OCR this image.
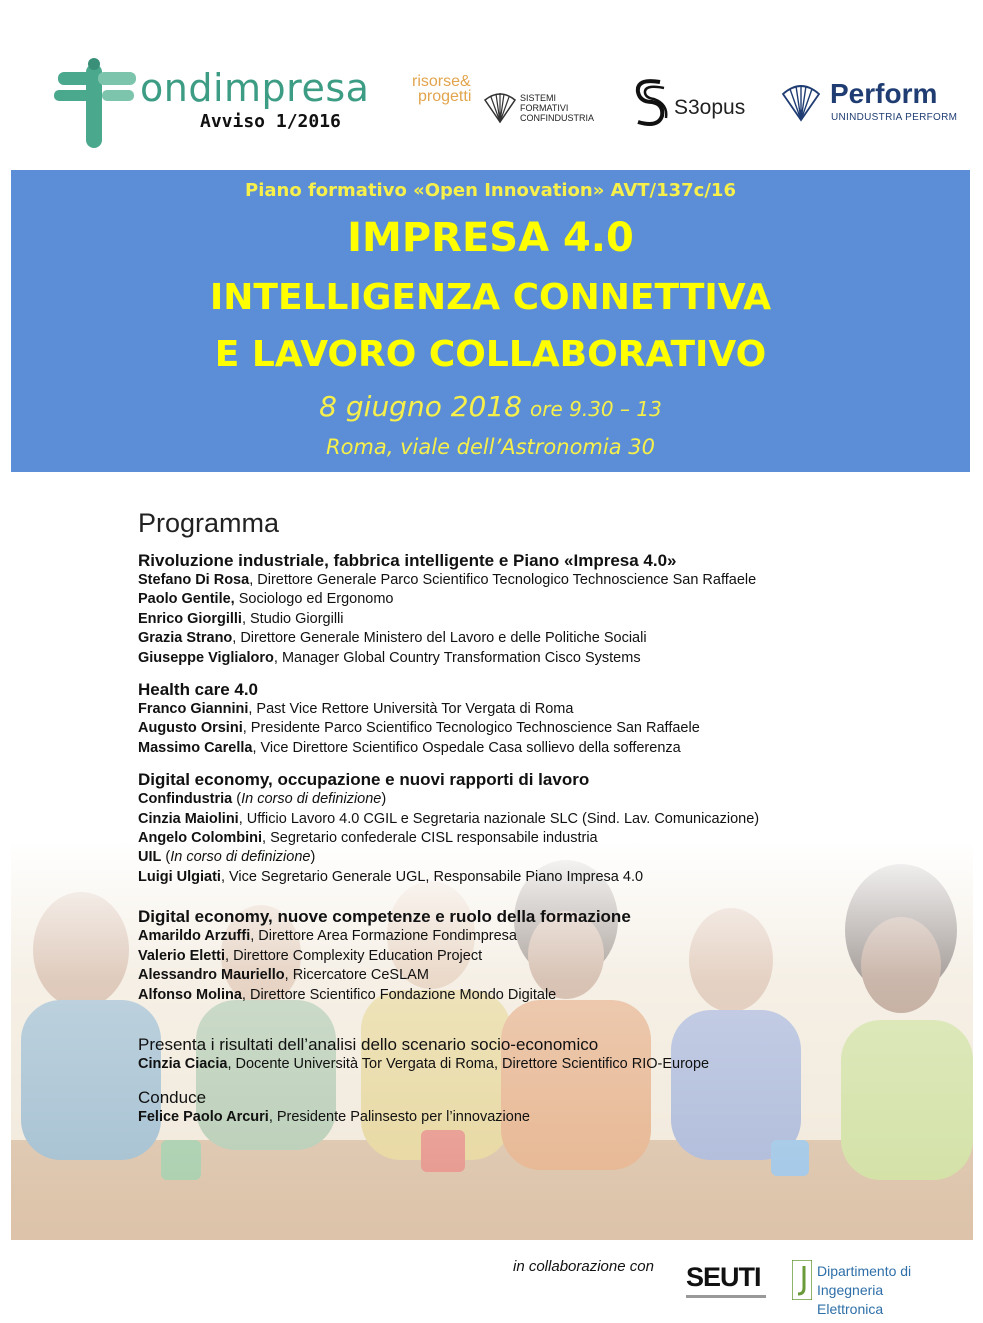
ondimpresa
Avviso 1/2016
risorse&
progetti	SISTEMI
FORMATIVI
CONFINDUSTRIA	S3opus	Perform
UNINDUSTRIA PERFORM
Piano formativo «Open Innovation» AVT/137c/16
IMPRESA 4.0
INTELLIGENZA CONNETTIVA
E LAVORO COLLABORATIVO
8 giugno 2018 ore 9.30 – 13
Roma, viale dell’Astronomia 30
Programma
Rivoluzione industriale, fabbrica intelligente e Piano «Impresa 4.0»
Stefano Di Rosa, Direttore Generale Parco Scientifico Tecnologico Technoscience San Raffaele
Paolo Gentile, Sociologo ed Ergonomo
Enrico Giorgilli, Studio Giorgilli
Grazia Strano, Direttore Generale Ministero del Lavoro e delle Politiche Sociali
Giuseppe Viglialoro, Manager Global Country Transformation Cisco Systems
Health care 4.0
Franco Giannini, Past Vice Rettore Università Tor Vergata di Roma
Augusto Orsini, Presidente Parco Scientifico Tecnologico Technoscience San Raffaele
Massimo Carella, Vice Direttore Scientifico Ospedale Casa sollievo della sofferenza
Digital economy, occupazione e nuovi rapporti di lavoro
Confindustria (In corso di definizione)
Cinzia Maiolini, Ufficio Lavoro 4.0 CGIL e Segretaria nazionale SLC (Sind. Lav. Comunicazione)
Angelo Colombini, Segretario confederale CISL responsabile industria
UIL (In corso di definizione)
Luigi Ulgiati, Vice Segretario Generale UGL, Responsabile Piano Impresa 4.0
Digital economy, nuove competenze e ruolo della formazione
Amarildo Arzuffi, Direttore Area Formazione Fondimpresa
Valerio Eletti, Direttore Complexity Education Project
Alessandro Mauriello, Ricercatore CeSLAM
Alfonso Molina, Direttore Scientifico Fondazione Mondo Digitale
Presenta i risultati dell’analisi dello scenario socio-economico
Cinzia Ciacia, Docente Università Tor Vergata di Roma, Direttore Scientifico RIO-Europe
Conduce
Felice Paolo Arcuri, Presidente Palinsesto per l’innovazione
in collaborazione con SEUTI	Dipartimento di
Ingegneria Elettronica
